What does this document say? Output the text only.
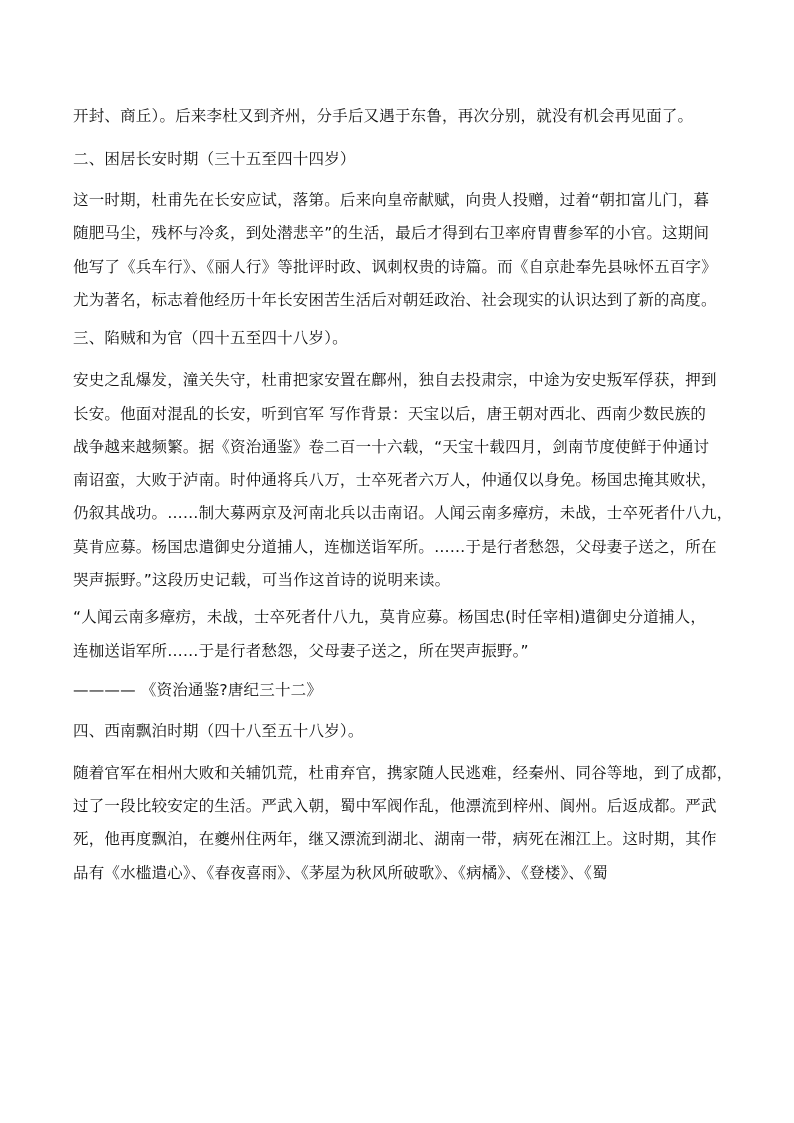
开封、商丘）。后来李杜又到齐州，分手后又遇于东鲁，再次分别，就没有机会再见面了。

二、困居长安时期（三十五至四十四岁）

这一时期，杜甫先在长安应试，落第。后来向皇帝献赋，向贵人投赠，过着“朝扣富儿门，暮

随肥马尘，残杯与冷炙，到处潜悲辛”的生活，最后才得到右卫率府胄曹参军的小官。这期间

他写了《兵车行》、《丽人行》等批评时政、讽刺权贵的诗篇。而《自京赴奉先县咏怀五百字》

尤为著名，标志着他经历十年长安困苦生活后对朝廷政治、社会现实的认识达到了新的高度。

三、陷贼和为官（四十五至四十八岁）。

安史之乱爆发，潼关失守，杜甫把家安置在鄜州，独自去投肃宗，中途为安史叛军俘获，押到

长安。他面对混乱的长安，听到官军 写作背景：天宝以后，唐王朝对西北、西南少数民族的

战争越来越频繁。据《资治通鉴》卷二百一十六载，“天宝十载四月，剑南节度使鲜于仲通讨

南诏蛮，大败于泸南。时仲通将兵八万，士卒死者六万人，仲通仅以身免。杨国忠掩其败状，

仍叙其战功。……制大募两京及河南北兵以击南诏。人闻云南多瘴疠，未战，士卒死者什八九，

莫肯应募。杨国忠遣御史分道捕人，连枷送诣军所。……于是行者愁怨，父母妻子送之，所在

哭声振野。”这段历史记载，可当作这首诗的说明来读。

“人闻云南多瘴疠，未战，士卒死者什八九，莫肯应募。杨国忠(时任宰相)遣御史分道捕人，

连枷送诣军所……于是行者愁怨，父母妻子送之，所在哭声振野。”

———— 《资治通鉴?唐纪三十二》

四、西南飘泊时期（四十八至五十八岁）。

随着官军在相州大败和关辅饥荒，杜甫弃官，携家随人民逃难，经秦州、同谷等地，到了成都，

过了一段比较安定的生活。严武入朝，蜀中军阀作乱，他漂流到梓州、阆州。后返成都。严武

死，他再度飘泊，在夔州住两年，继又漂流到湖北、湖南一带，病死在湘江上。这时期，其作

品有《水槛遣心》、《春夜喜雨》、《茅屋为秋风所破歌》、《病橘》、《登楼》、《蜀
